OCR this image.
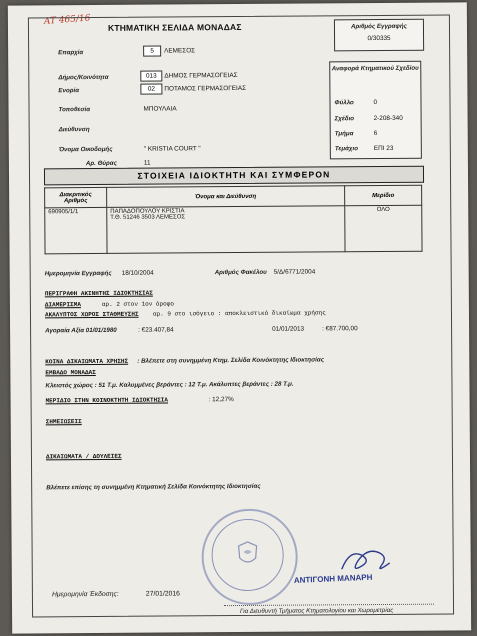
AT 465/16
ΚΤΗΜΑΤΙΚΗ ΣΕΛΙΔΑ ΜΟΝΑΔΑΣ	Αριθμός Εγγραφής
0/30335
Επαρχία	5	ΛΕΜΕΣΟΣ
Δήμος/Κοινότητα	013	ΔΗΜΟΣ ΓΕΡΜΑΣΟΓΕΙΑΣ
Ενορία	02	ΠΟΤΑΜΟΣ ΓΕΡΜΑΣΟΓΕΙΑΣ
Τοποθεσία	ΜΠΟΥΛΑΙΑ
Διεύθυνση
Όνομα Οικοδομής	" KRISTIA COURT "
Αρ. Θύρας	11
Αναφορά Κτηματικού Σχεδίου
Φύλλο	0
Σχέδιο	2-208-340
Τμήμα	6
Τεμάχιο ΕΠΙ 23
ΣΤΟΙΧΕΙΑ ΙΔΙΟΚΤΗΤΗ ΚΑΙ ΣΥΜΦΕΡΟΝ
Διακριτικός Αριθμός	Όνομα και Διεύθυνση	Μερίδιο
690905/1/1	ΠΑΠΑΔΟΠΟΥΛΟΥ ΚΡΙΣΤΙΑ
Τ.Θ. 51246 3503 ΛΕΜΕΣΟΣ	ΟΛΟ
Ημερομηνία Εγγραφής 18/10/2004	Αριθμός Φακέλου 5/Δ/6771/2004
ΠΕΡΙΓΡΑΦΗ ΑΚΙΝΗΤΗΣ ΙΔΙΟΚΤΗΣΙΑΣ
ΔΙΑΜΕΡΙΣΜΑ	αρ. 2 στον 1ον όροφο
ΑΚΑΛΥΠΤΟΣ ΧΩΡΟΣ ΣΤΑΘΜΕΥΣΗΣ αρ. 9 στο ισόγειο : αποκλειστικό δικαίωμα χρήσης
Αγοραία Αξία 01/01/1980	: €23.407,84	01/01/2013	: €87.700,00
ΚΟΙΝΑ ΔΙΚΑΙΩΜΑΤΑ ΧΡΗΣΗΣ : Βλέπετε στη συνημμένη Κτημ. Σελίδα Κοινόκτητης Ιδιοκτησίας
ΕΜΒΑΔΟ ΜΟΝΑΔΑΣ
Κλειστός χώρος : 51 Τ.μ. Καλυμμένες βεράντες : 12 Τ.μ. Ακάλυπτες βεράντες : 28 Τ.μ.
ΜΕΡΙΔΙΟ ΣΤΗΝ ΚΟΙΝΟΚΤΗΤΗ ΙΔΙΟΚΤΗΣΙΑ	: 12,27%
ΣΗΜΕΙΩΣΕΙΣ
ΔΙΚΑΙΩΜΑΤΑ / ΔΟΥΛΕΙΕΣ
Βλέπετε επίσης τη συνημμένη Κτηματική Σελίδα Κοινόκτητης Ιδιοκτησίας
ΑΝΤΙΓΟΝΗ ΜΑΝΑΡΗ
Ημερομηνία Έκδοσης:	27/01/2016
Για Διευθυντή Τμήματος Κτηματολογίου και Χωρομετρίας
